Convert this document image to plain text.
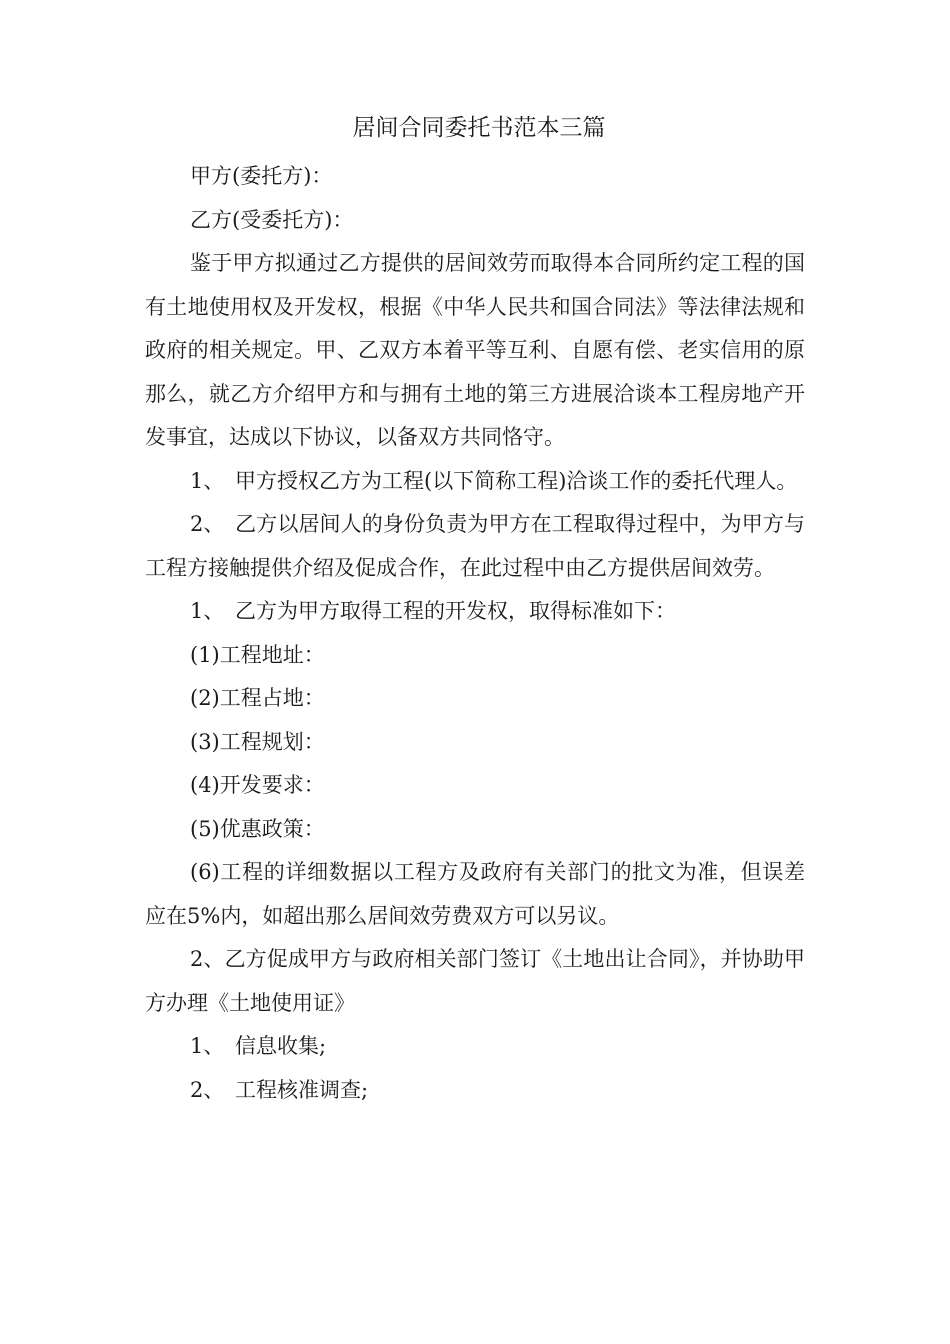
居间合同委托书范本三篇

甲方(委托方)：

乙方(受委托方)：

鉴于甲方拟通过乙方提供的居间效劳而取得本合同所约定工程的国有土地使用权及开发权，根据《中华人民共和国合同法》等法律法规和政府的相关规定。甲、乙双方本着平等互利、自愿有偿、老实信用的原那么，就乙方介绍甲方和与拥有土地的第三方进展洽谈本工程房地产开发事宜，达成以下协议，以备双方共同恪守。

1、 甲方授权乙方为工程(以下简称工程)洽谈工作的委托代理人。

2、 乙方以居间人的身份负责为甲方在工程取得过程中，为甲方与工程方接触提供介绍及促成合作，在此过程中由乙方提供居间效劳。

1、 乙方为甲方取得工程的开发权，取得标准如下：

(1)工程地址：

(2)工程占地：

(3)工程规划：

(4)开发要求：

(5)优惠政策：

(6)工程的详细数据以工程方及政府有关部门的批文为准，但误差应在5%内，如超出那么居间效劳费双方可以另议。

2、乙方促成甲方与政府相关部门签订《土地出让合同》，并协助甲方办理《土地使用证》

1、 信息收集;

2、 工程核准调查;
